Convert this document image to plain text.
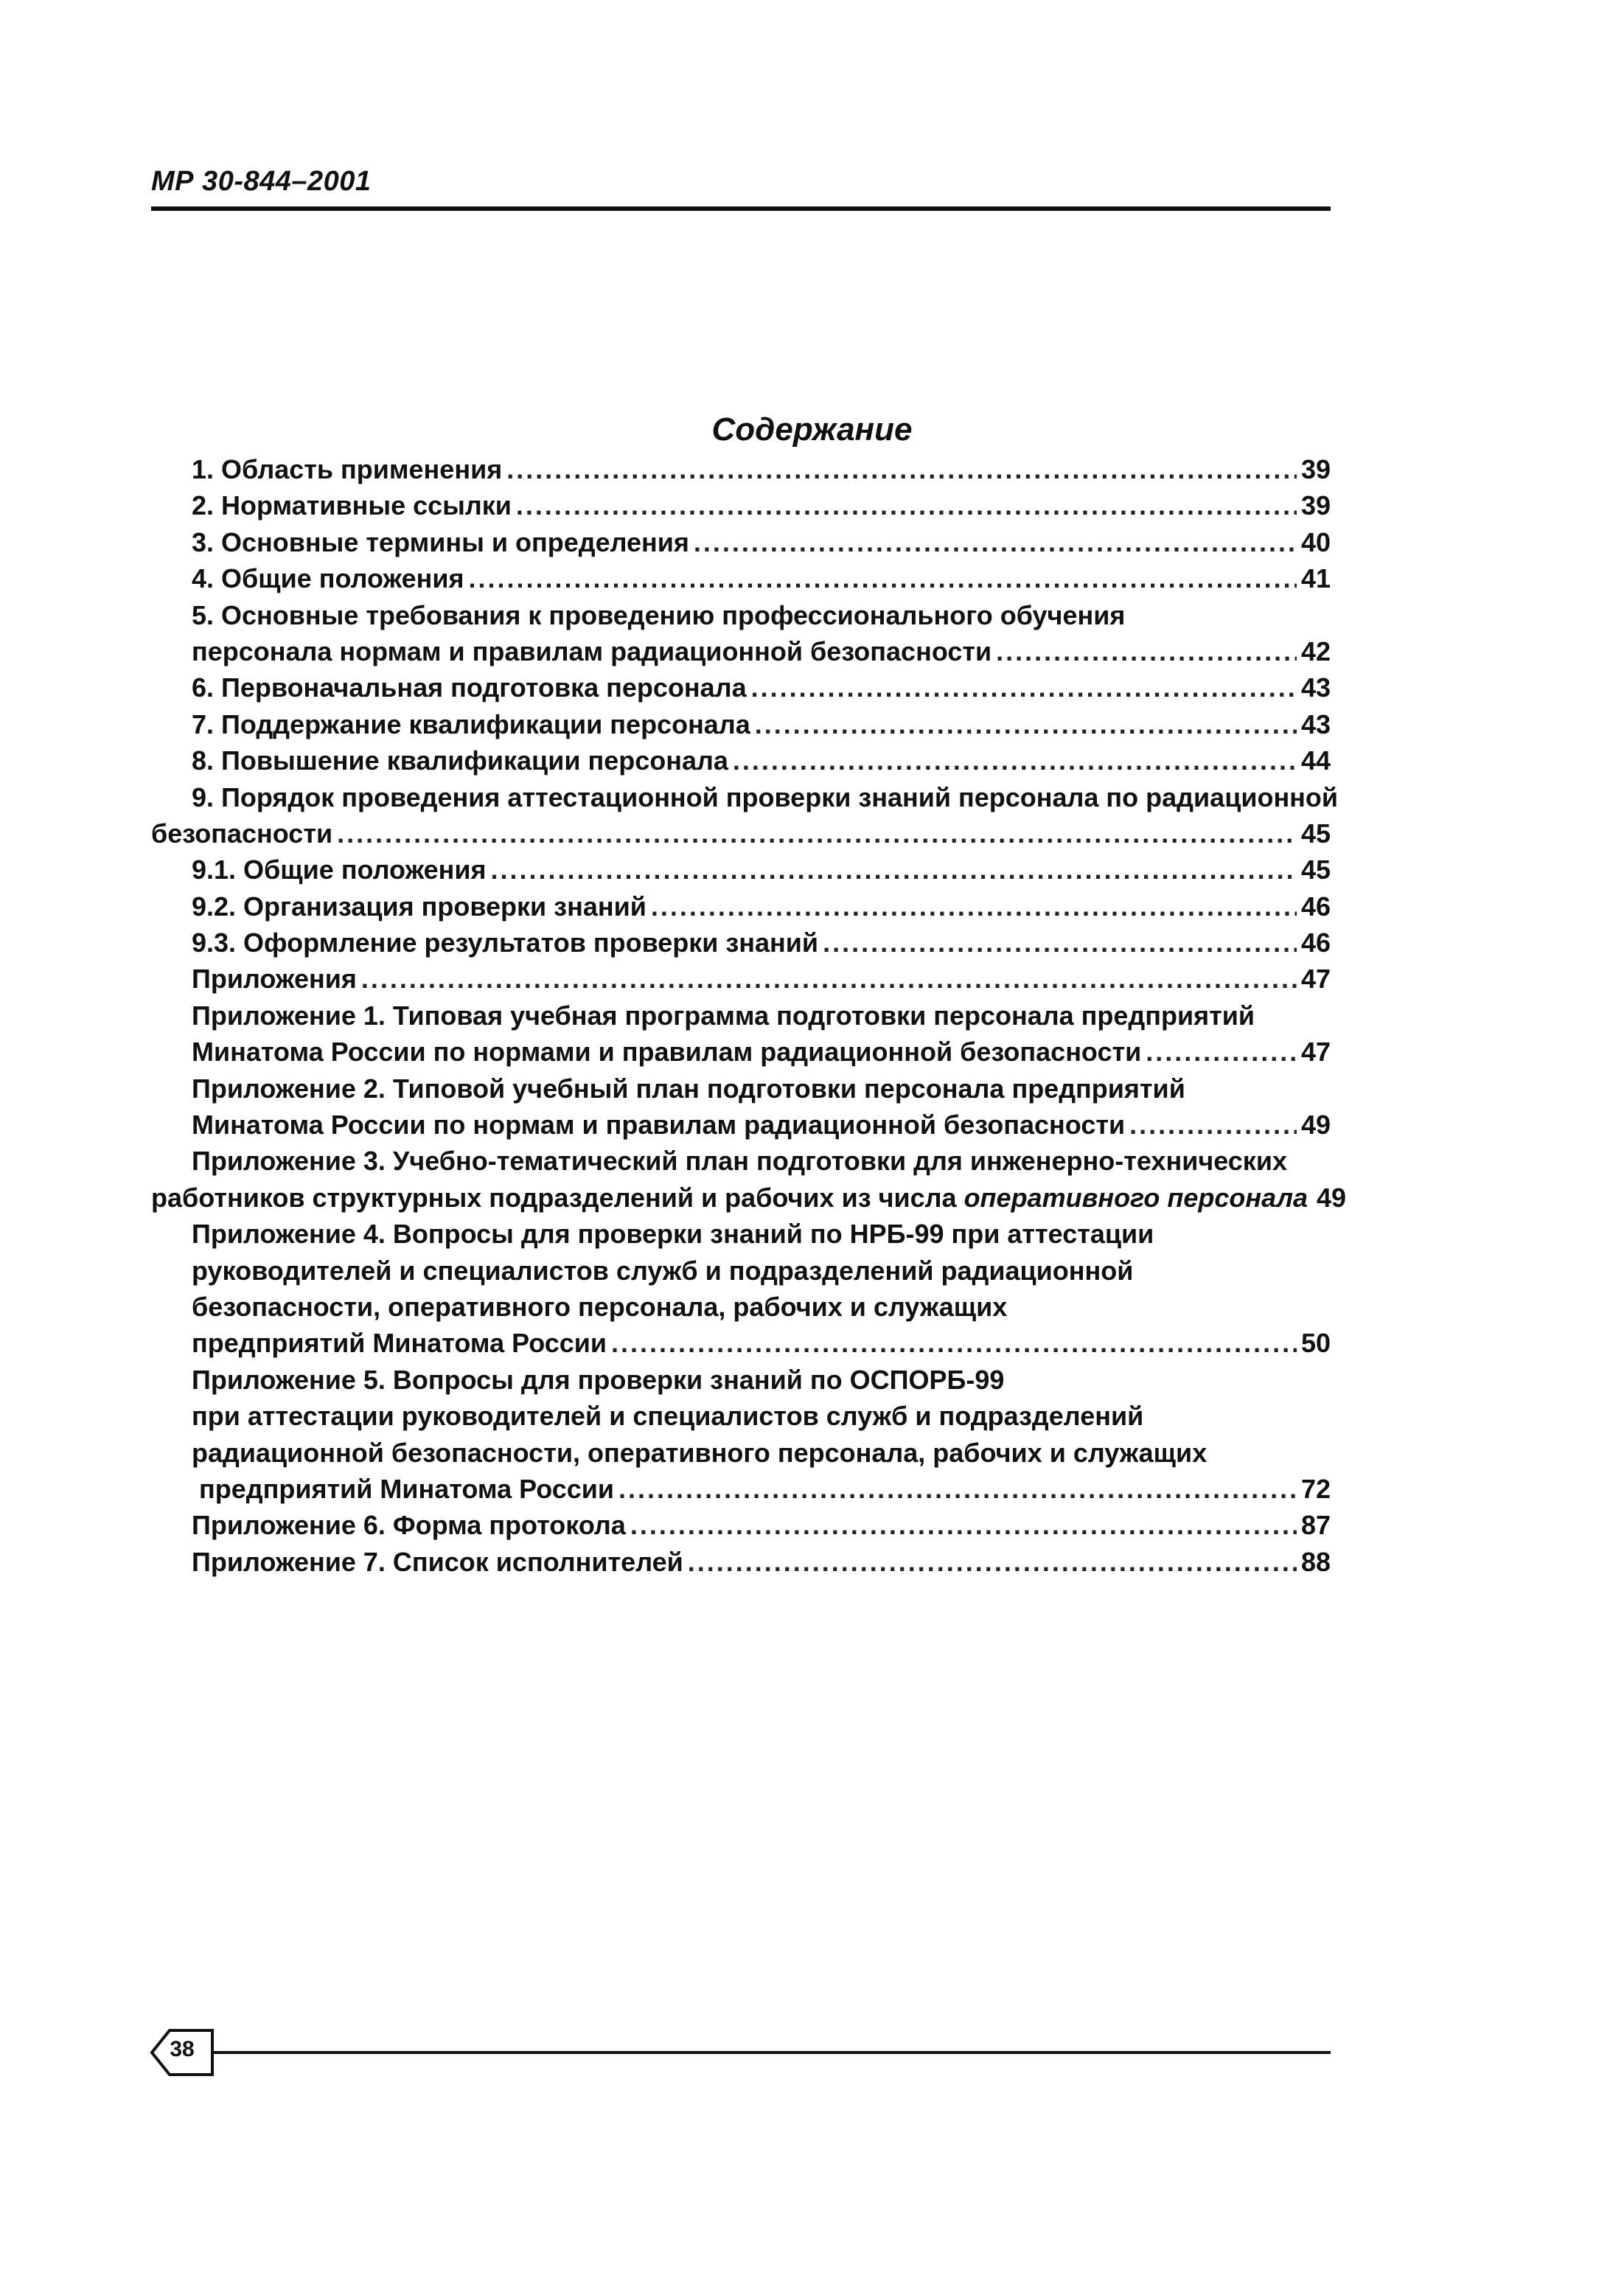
МР 30-844–2001
Содержание
1. Область применения .....	39
2. Нормативные ссылки .....	39
3. Основные термины и определения .....	40
4. Общие положения .....	41
5. Основные требования к проведению профессионального обучения
персонала нормам и правилам радиационной безопасности .....	42
6. Первоначальная подготовка персонала .....	43
7. Поддержание квалификации персонала .....	43
8. Повышение квалификации персонала .....	44
9. Порядок проведения аттестационной проверки знаний персонала по радиационной
безопасности .....	45
9.1. Общие положения .....	45
9.2. Организация проверки знаний .....	46
9.3. Оформление результатов проверки знаний .....	46
Приложения .....	47
Приложение 1. Типовая учебная программа подготовки персонала предприятий
Минатома России по нормами и правилам радиационной безопасности .....	47
Приложение 2. Типовой учебный план подготовки персонала предприятий
Минатома России по нормам и правилам радиационной безопасности .....	49
Приложение 3. Учебно-тематический план подготовки для инженерно-технических
работников структурных подразделений и рабочих из числа оперативного персонала 49
Приложение 4. Вопросы для проверки знаний по НРБ-99 при аттестации
руководителей и специалистов служб и подразделений радиационной
безопасности, оперативного персонала, рабочих и служащих
предприятий Минатома России .....	50
Приложение 5. Вопросы для проверки знаний по ОСПОРБ-99
при аттестации руководителей и специалистов служб и подразделений
радиационной безопасности, оперативного персонала, рабочих и служащих
предприятий Минатома России .....	72
Приложение 6. Форма протокола .....	87
Приложение 7. Список исполнителей .....	88
38
